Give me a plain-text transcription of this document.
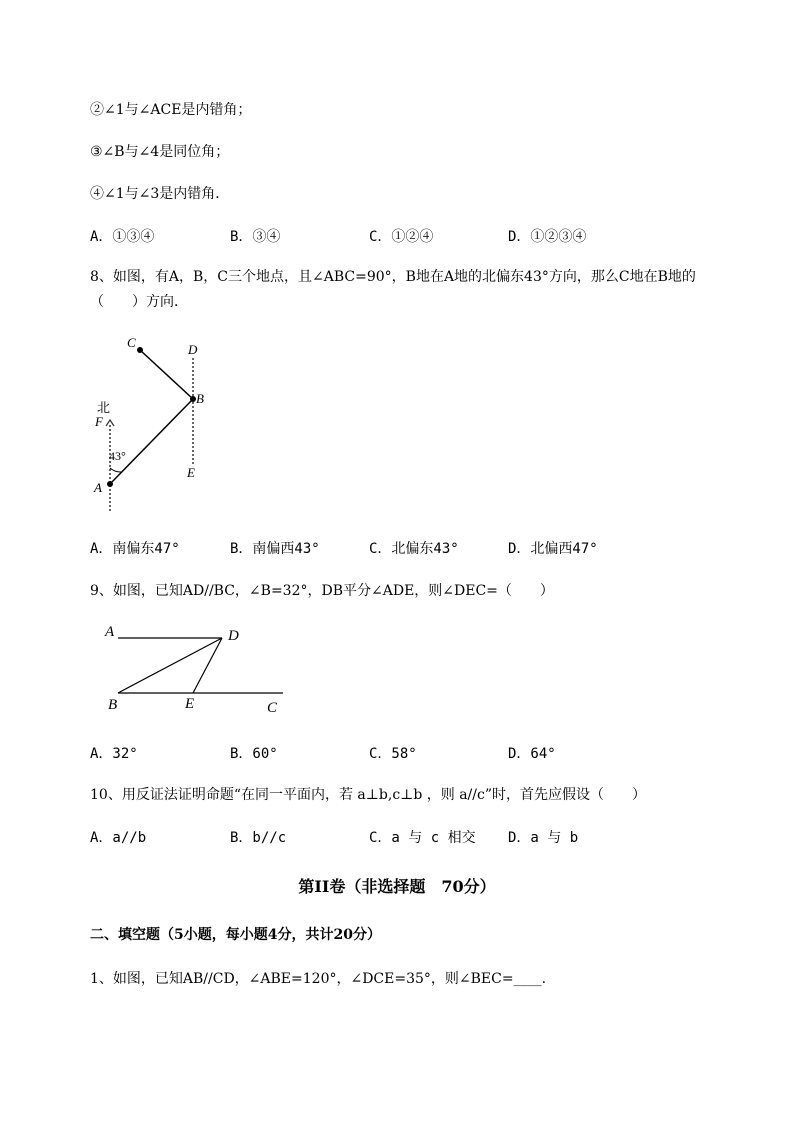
②∠1与∠ACE是内错角；
③∠B与∠4是同位角；
④∠1与∠3是内错角．
A．①③④	B．③④	C．①②④	D．①②③④
8、如图，有A，B，C三个地点，且∠ABC=90°，B地在A地的北偏东43°方向，那么C地在B地的
（　　）方向．
C	D
B
北
F
43°
E
A
A．南偏东47°	B．南偏西43°	C．北偏东43°	D．北偏西47°
9、如图，已知AD//BC，∠B=32°，DB平分∠ADE，则∠DEC=（　　）
A	D
B	E	C
A．32°	B．60°	C．58°	D．64°
10、用反证法证明命题“在同一平面内，若 a⊥b,c⊥b ，则 a//c”时，首先应假设（　　）
A．a//b	B．b//c	C．a 与 c 相交 D．a 与 b
第II卷（非选择题　70分）
二、填空题（5小题，每小题4分，共计20分）
1、如图，已知AB//CD，∠ABE=120°，∠DCE=35°，则∠BEC=____.
